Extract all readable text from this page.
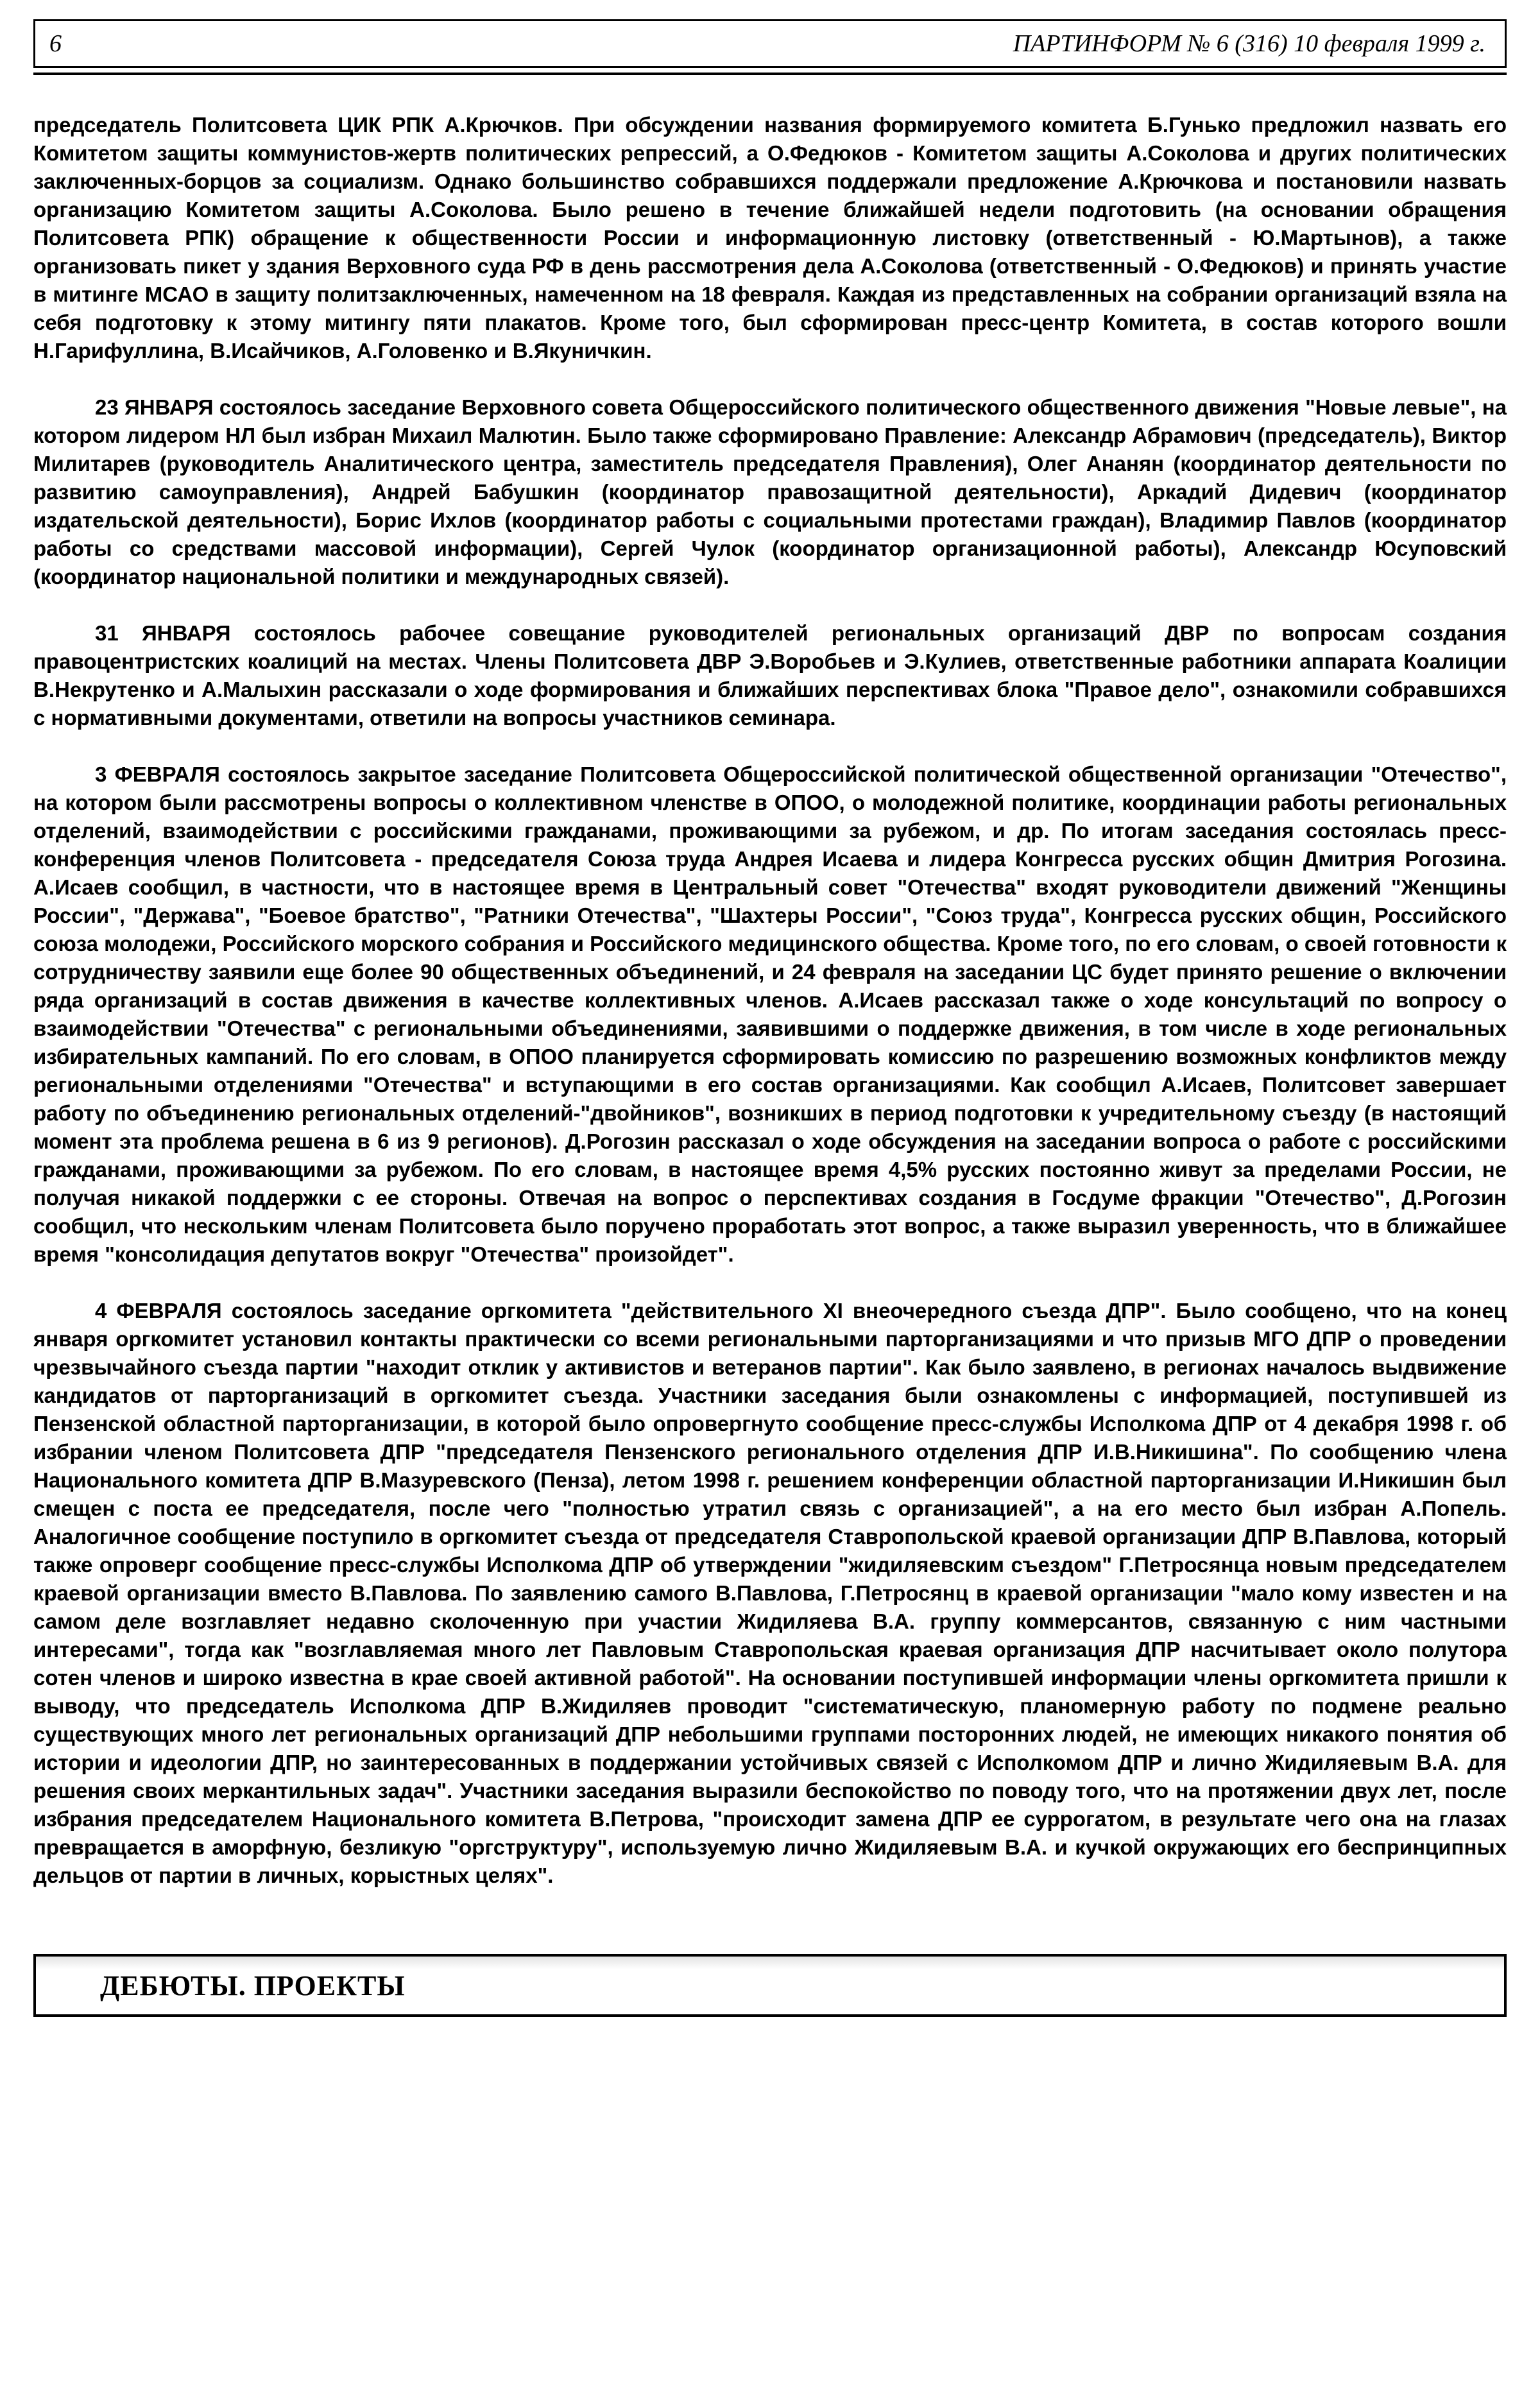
6	ПАРТИНФОРМ № 6 (316) 10 февраля 1999 г.

председатель Политсовета ЦИК РПК А.Крючков. При обсуждении названия формируемого комитета Б.Гунько предложил назвать его Комитетом защиты коммунистов-жертв политических репрессий, а О.Федюков - Комитетом защиты А.Соколова и других политических заключенных-борцов за социализм. Однако большинство собравшихся поддержали предложение А.Крючкова и постановили назвать организацию Комитетом защиты А.Соколова. Было решено в течение ближайшей недели подготовить (на основании обращения Политсовета РПК) обращение к общественности России и информационную листовку (ответственный - Ю.Мартынов), а также организовать пикет у здания Верховного суда РФ в день рассмотрения дела А.Соколова (ответственный - О.Федюков) и принять участие в митинге МСАО в защиту политзаключенных, намеченном на 18 февраля. Каждая из представленных на собрании организаций взяла на себя подготовку к этому митингу пяти плакатов. Кроме того, был сформирован пресс-центр Комитета, в состав которого вошли Н.Гарифуллина, В.Исайчиков, А.Головенко и В.Якуничкин.

23 ЯНВАРЯ состоялось заседание Верховного совета Общероссийского политического общественного движения "Новые левые", на котором лидером НЛ был избран Михаил Малютин. Было также сформировано Правление: Александр Абрамович (председатель), Виктор Милитарев (руководитель Аналитического центра, заместитель председателя Правления), Олег Ананян (координатор деятельности по развитию самоуправления), Андрей Бабушкин (координатор правозащитной деятельности), Аркадий Дидевич (координатор издательской деятельности), Борис Ихлов (координатор работы с социальными протестами граждан), Владимир Павлов (координатор работы со средствами массовой информации), Сергей Чулок (координатор организационной работы), Александр Юсуповский (координатор национальной политики и международных связей).

31 ЯНВАРЯ состоялось рабочее совещание руководителей региональных организаций ДВР по вопросам создания правоцентристских коалиций на местах. Члены Политсовета ДВР Э.Воробьев и Э.Кулиев, ответственные работники аппарата Коалиции В.Некрутенко и А.Малыхин рассказали о ходе формирования и ближайших перспективах блока "Правое дело", ознакомили собравшихся с нормативными документами, ответили на вопросы участников семинара.

3 ФЕВРАЛЯ состоялось закрытое заседание Политсовета Общероссийской политической общественной организации "Отечество", на котором были рассмотрены вопросы о коллективном членстве в ОПОО, о молодежной политике, координации работы региональных отделений, взаимодействии с российскими гражданами, проживающими за рубежом, и др. По итогам заседания состоялась пресс-конференция членов Политсовета - председателя Союза труда Андрея Исаева и лидера Конгресса русских общин Дмитрия Рогозина. А.Исаев сообщил, в частности, что в настоящее время в Центральный совет "Отечества" входят руководители движений "Женщины России", "Держава", "Боевое братство", "Ратники Отечества", "Шахтеры России", "Союз труда", Конгресса русских общин, Российского союза молодежи, Российского морского собрания и Российского медицинского общества. Кроме того, по его словам, о своей готовности к сотрудничеству заявили еще более 90 общественных объединений, и 24 февраля на заседании ЦС будет принято решение о включении ряда организаций в состав движения в качестве коллективных членов. А.Исаев рассказал также о ходе консультаций по вопросу о взаимодействии "Отечества" с региональными объединениями, заявившими о поддержке движения, в том числе в ходе региональных избирательных кампаний. По его словам, в ОПОО планируется сформировать комиссию по разрешению возможных конфликтов между региональными отделениями "Отечества" и вступающими в его состав организациями. Как сообщил А.Исаев, Политсовет завершает работу по объединению региональных отделений-"двойников", возникших в период подготовки к учредительному съезду (в настоящий момент эта проблема решена в 6 из 9 регионов). Д.Рогозин рассказал о ходе обсуждения на заседании вопроса о работе с российскими гражданами, проживающими за рубежом. По его словам, в настоящее время 4,5% русских постоянно живут за пределами России, не получая никакой поддержки с ее стороны. Отвечая на вопрос о перспективах создания в Госдуме фракции "Отечество", Д.Рогозин сообщил, что нескольким членам Политсовета было поручено проработать этот вопрос, а также выразил уверенность, что в ближайшее время "консолидация депутатов вокруг "Отечества" произойдет".

4 ФЕВРАЛЯ состоялось заседание оргкомитета "действительного XI внеочередного съезда ДПР". Было сообщено, что на конец января оргкомитет установил контакты практически со всеми региональными парторганизациями и что призыв МГО ДПР о проведении чрезвычайного съезда партии "находит отклик у активистов и ветеранов партии". Как было заявлено, в регионах началось выдвижение кандидатов от парторганизаций в оргкомитет съезда. Участники заседания были ознакомлены с информацией, поступившей из Пензенской областной парторганизации, в которой было опровергнуто сообщение пресс-службы Исполкома ДПР от 4 декабря 1998 г. об избрании членом Политсовета ДПР "председателя Пензенского регионального отделения ДПР И.В.Никишина". По сообщению члена Национального комитета ДПР В.Мазуревского (Пенза), летом 1998 г. решением конференции областной парторганизации И.Никишин был смещен с поста ее председателя, после чего "полностью утратил связь с организацией", а на его место был избран А.Попель. Аналогичное сообщение поступило в оргкомитет съезда от председателя Ставропольской краевой организации ДПР В.Павлова, который также опроверг сообщение пресс-службы Исполкома ДПР об утверждении "жидиляевским съездом" Г.Петросянца новым председателем краевой организации вместо В.Павлова. По заявлению самого В.Павлова, Г.Петросянц в краевой организации "мало кому известен и на самом деле возглавляет недавно сколоченную при участии Жидиляева В.А. группу коммерсантов, связанную с ним частными интересами", тогда как "возглавляемая много лет Павловым Ставропольская краевая организация ДПР насчитывает около полутора сотен членов и широко известна в крае своей активной работой". На основании поступившей информации члены оргкомитета пришли к выводу, что председатель Исполкома ДПР В.Жидиляев проводит "систематическую, планомерную работу по подмене реально существующих много лет региональных организаций ДПР небольшими группами посторонних людей, не имеющих никакого понятия об истории и идеологии ДПР, но заинтересованных в поддержании устойчивых связей с Исполкомом ДПР и лично Жидиляевым В.А. для решения своих меркантильных задач". Участники заседания выразили беспокойство по поводу того, что на протяжении двух лет, после избрания председателем Национального комитета В.Петрова, "происходит замена ДПР ее суррогатом, в результате чего она на глазах превращается в аморфную, безликую "оргструктуру", используемую лично Жидиляевым В.А. и кучкой окружающих его беспринципных дельцов от партии в личных, корыстных целях".

ДЕБЮТЫ. ПРОЕКТЫ
